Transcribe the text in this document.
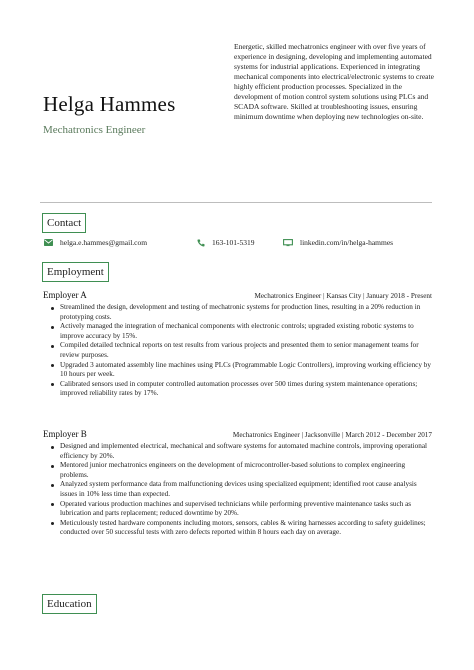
Helga Hammes
Mechatronics Engineer
Energetic, skilled mechatronics engineer with over five years of experience in designing, developing and implementing automated systems for industrial applications. Experienced in integrating mechanical components into electrical/electronic systems to create highly efficient production processes. Specialized in the development of motion control system solutions using PLCs and SCADA software. Skilled at troubleshooting issues, ensuring minimum downtime when deploying new technologies on-site.
Contact
helga.e.hammes@gmail.com	163-101-5319	linkedin.com/in/helga-hammes
Employment
Employer A	Mechatronics Engineer | Kansas City | January 2018 - Present
Streamlined the design, development and testing of mechatronic systems for production lines, resulting in a 20% reduction in prototyping costs.
Actively managed the integration of mechanical components with electronic controls; upgraded existing robotic systems to improve accuracy by 15%.
Compiled detailed technical reports on test results from various projects and presented them to senior management teams for review purposes.
Upgraded 3 automated assembly line machines using PLCs (Programmable Logic Controllers), improving working efficiency by 10 hours per week.
Calibrated sensors used in computer controlled automation processes over 500 times during system maintenance operations; improved reliability rates by 17%.
Employer B	Mechatronics Engineer | Jacksonville | March 2012 - December 2017
Designed and implemented electrical, mechanical and software systems for automated machine controls, improving operational efficiency by 20%.
Mentored junior mechatronics engineers on the development of microcontroller-based solutions to complex engineering problems.
Analyzed system performance data from malfunctioning devices using specialized equipment; identified root cause analysis issues in 10% less time than expected.
Operated various production machines and supervised technicians while performing preventive maintenance tasks such as lubrication and parts replacement; reduced downtime by 20%.
Meticulously tested hardware components including motors, sensors, cables & wiring harnesses according to safety guidelines; conducted over 50 successful tests with zero defects reported within 8 hours each day on average.
Education
